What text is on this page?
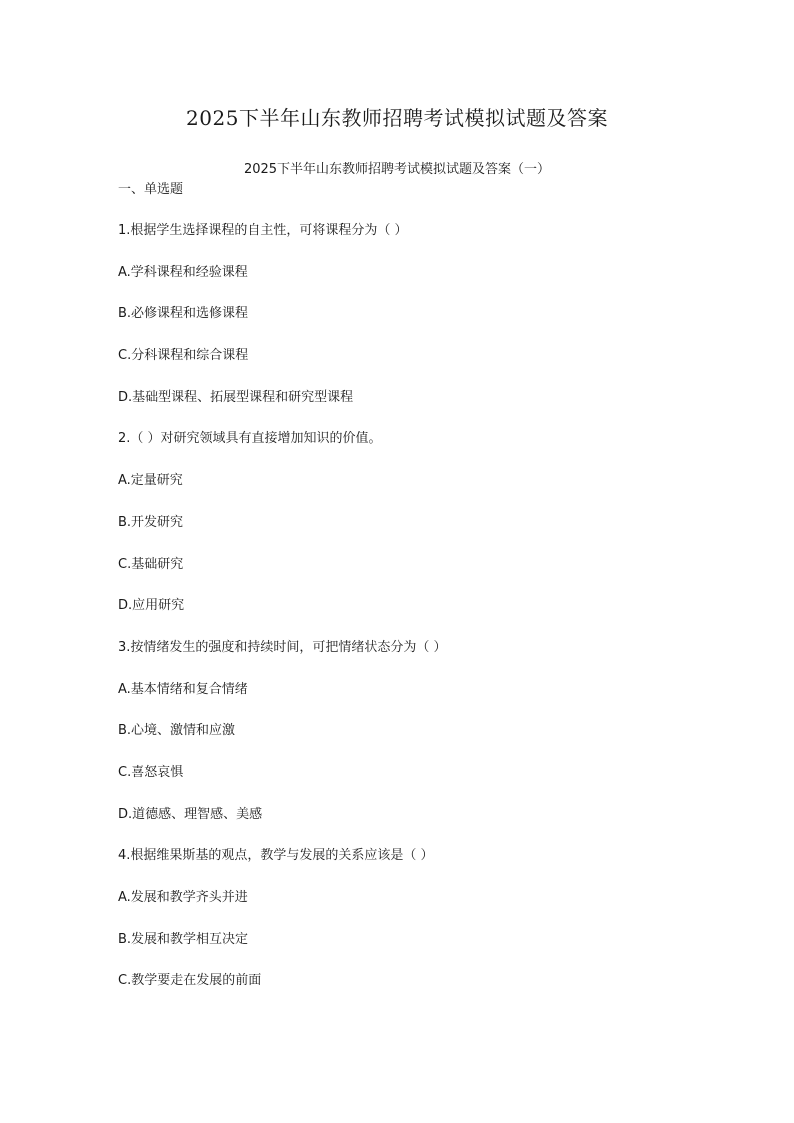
2025下半年山东教师招聘考试模拟试题及答案
2025下半年山东教师招聘考试模拟试题及答案（一）
一、单选题
1.根据学生选择课程的自主性，可将课程分为（ ）
A.学科课程和经验课程
B.必修课程和选修课程
C.分科课程和综合课程
D.基础型课程、拓展型课程和研究型课程
2.（ ）对研究领域具有直接增加知识的价值。
A.定量研究
B.开发研究
C.基础研究
D.应用研究
3.按情绪发生的强度和持续时间，可把情绪状态分为（ ）
A.基本情绪和复合情绪
B.心境、激情和应激
C.喜怒哀惧
D.道德感、理智感、美感
4.根据维果斯基的观点，教学与发展的关系应该是（ ）
A.发展和教学齐头并进
B.发展和教学相互决定
C.教学要走在发展的前面
